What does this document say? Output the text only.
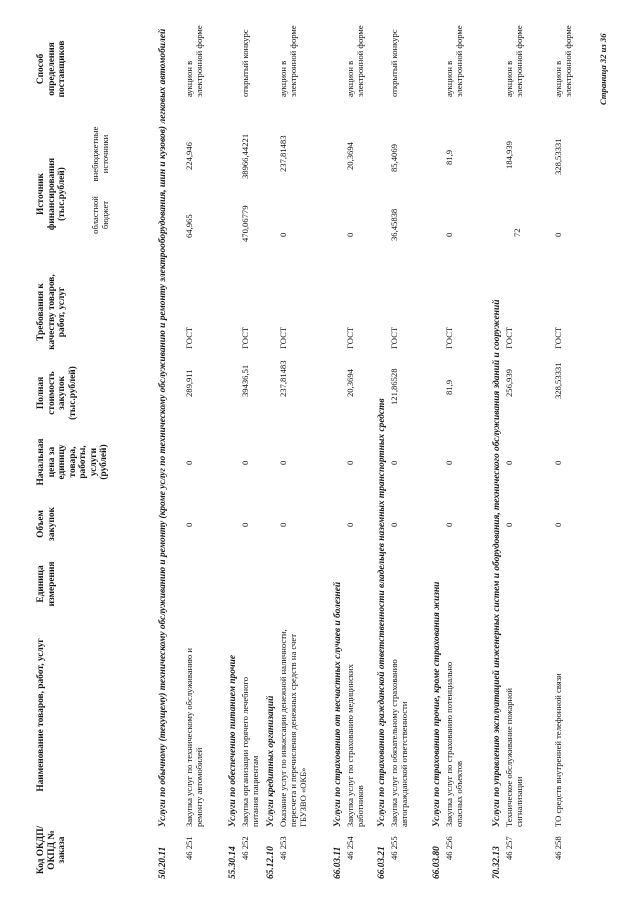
Код ОКДП/ ОКПД № заказа
Наименование товаров, работ, услуг
Единица измерения
Объем закупок
Начальная цена за единицу товара, работы, услуги (рублей)
Полная стоимость закупок (тыс.рублей)
Требования к качеству товаров, работ, услуг
Источник финансирования (тыс.рублей)	областной бюджет
внебюджетные источники
Способ определения поставщиков
50.20.11
Услуги по обычному (текущему) техническому обслуживанию и ремонту (кроме услуг по техническому обслуживанию и ремонту электрооборудования, шин и кузовов) легковых автомобилей
46 251
Закупка услуг по техническому обслуживанию и ремонту автомобилей
0
0
289,911
ГОСТ
64,965
224,946
аукцион в электронной форме
55.30.14
Услуги по обеспечению питанием прочие
46 252
Закупка организации горячего лечебного питания пациентам
0
0
39436,51
ГОСТ
470,06779
38966,44221
открытый конкурс
65.12.10
Услуги кредитных организаций
46 253
Оказание услуг по инкассации денежной наличности, пересчета и перечисления денежных средств на счет ГБУЗВО «ОКБ»
0
0
237,81483
ГОСТ
0
237,81483
аукцион в электронной форме
66.03.11
Услуги по страхованию от несчастных случаев и болезней
46 254
Закупка услуг по страхованию медицинских работников
0
0
20,3694
ГОСТ
0
20,3694
аукцион в электронной форме
66.03.21
Услуги по страхованию гражданской ответственности владельцев наземных транспортных средств
46 255
Закупка услуг по обязательному страхованию автогражданской ответственности
0
0
121,86528
ГОСТ
36,45838
85,4069
открытый конкурс
66.03.80
Услуги по страхованию прочие, кроме страхования жизни
46 256
Закупка услуг по страхованию потенциально опасных объектов
0
0
81,9
ГОСТ
0
81,9
аукцион в электронной форме
70.32.13
Услуги по управлению эксплуатацией инженерных систем и оборудования, технического обслуживания зданий и сооружений
46 257
Техническое обслуживание пожарной сигнализации
0
0
256,939
ГОСТ
72
184,939
аукцион в электронной форме
46 258
ТО средств внутренней телефонной связи
0
0
328,53331
ГОСТ
0
328,53331
аукцион в электронной форме	Страница 32 из 36
